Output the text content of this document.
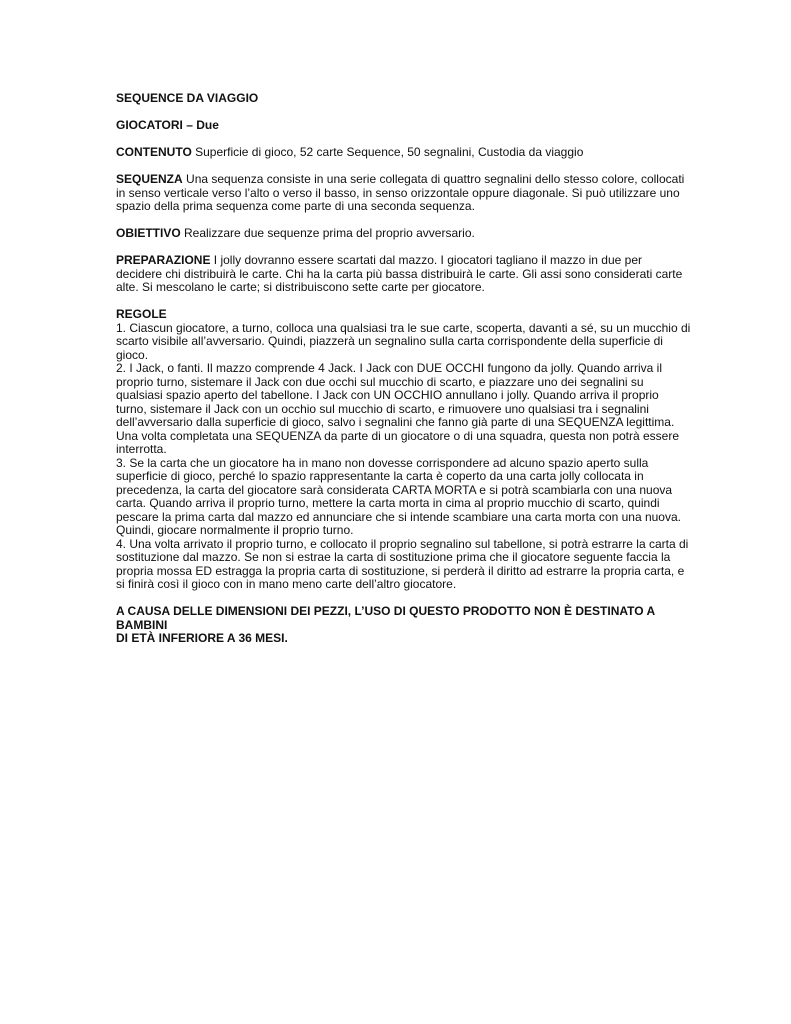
SEQUENCE DA VIAGGIO
GIOCATORI – Due
CONTENUTO Superficie di gioco, 52 carte Sequence, 50 segnalini, Custodia da viaggio
SEQUENZA Una sequenza consiste in una serie collegata di quattro segnalini dello stesso colore, collocati
in senso verticale verso l’alto o verso il basso, in senso orizzontale oppure diagonale. Si può utilizzare uno
spazio della prima sequenza come parte di una seconda sequenza.
OBIETTIVO Realizzare due sequenze prima del proprio avversario.
PREPARAZIONE I jolly dovranno essere scartati dal mazzo. I giocatori tagliano il mazzo in due per
decidere chi distribuirà le carte. Chi ha la carta più bassa distribuirà le carte. Gli assi sono considerati carte
alte. Si mescolano le carte; si distribuiscono sette carte per giocatore.
REGOLE
1. Ciascun giocatore, a turno, colloca una qualsiasi tra le sue carte, scoperta, davanti a sé, su un mucchio di
scarto visibile all’avversario. Quindi, piazzerà un segnalino sulla carta corrispondente della superficie di
gioco.
2. I Jack, o fanti. Il mazzo comprende 4 Jack. I Jack con DUE OCCHI fungono da jolly. Quando arriva il
proprio turno, sistemare il Jack con due occhi sul mucchio di scarto, e piazzare uno dei segnalini su
qualsiasi spazio aperto del tabellone. I Jack con UN OCCHIO annullano i jolly. Quando arriva il proprio
turno, sistemare il Jack con un occhio sul mucchio di scarto, e rimuovere uno qualsiasi tra i segnalini
dell’avversario dalla superficie di gioco, salvo i segnalini che fanno già parte di una SEQUENZA legittima.
Una volta completata una SEQUENZA da parte di un giocatore o di una squadra, questa non potrà essere
interrotta.
3. Se la carta che un giocatore ha in mano non dovesse corrispondere ad alcuno spazio aperto sulla
superficie di gioco, perché lo spazio rappresentante la carta è coperto da una carta jolly collocata in
precedenza, la carta del giocatore sarà considerata CARTA MORTA e si potrà scambiarla con una nuova
carta. Quando arriva il proprio turno, mettere la carta morta in cima al proprio mucchio di scarto, quindi
pescare la prima carta dal mazzo ed annunciare che si intende scambiare una carta morta con una nuova.
Quindi, giocare normalmente il proprio turno.
4. Una volta arrivato il proprio turno, e collocato il proprio segnalino sul tabellone, si potrà estrarre la carta di
sostituzione dal mazzo. Se non si estrae la carta di sostituzione prima che il giocatore seguente faccia la
propria mossa ED estragga la propria carta di sostituzione, si perderà il diritto ad estrarre la propria carta, e
si finirà così il gioco con in mano meno carte dell’altro giocatore.
A CAUSA DELLE DIMENSIONI DEI PEZZI, L’USO DI QUESTO PRODOTTO NON È DESTINATO A
BAMBINI
DI ETÀ INFERIORE A 36 MESI.
